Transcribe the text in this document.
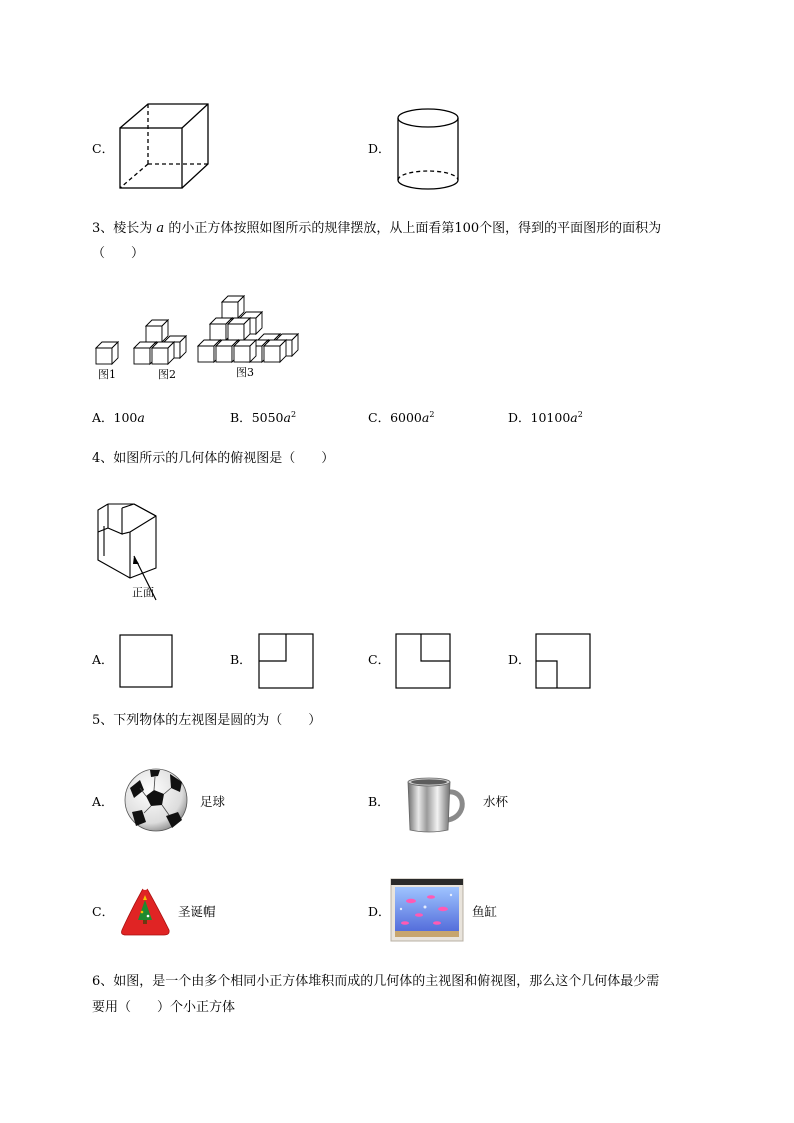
C．	D．
3、棱长为 a 的小正方体按照如图所示的规律摆放，从上面看第100个图，得到的平面图形的面积为
（　　）
图1	图2	图3
A．100a	B．$5050a^2$	C．$6000a^2$	D．$10100a^2$
4、如图所示的几何体的俯视图是（　　）
正面
A．	B．	C．	D．
5、下列物体的左视图是圆的为（　　）
A．	足球	B．	水杯
C．	圣诞帽	D．	鱼缸
6、如图，是一个由多个相同小正方体堆积而成的几何体的主视图和俯视图，那么这个几何体最少需
要用（　　）个小正方体
